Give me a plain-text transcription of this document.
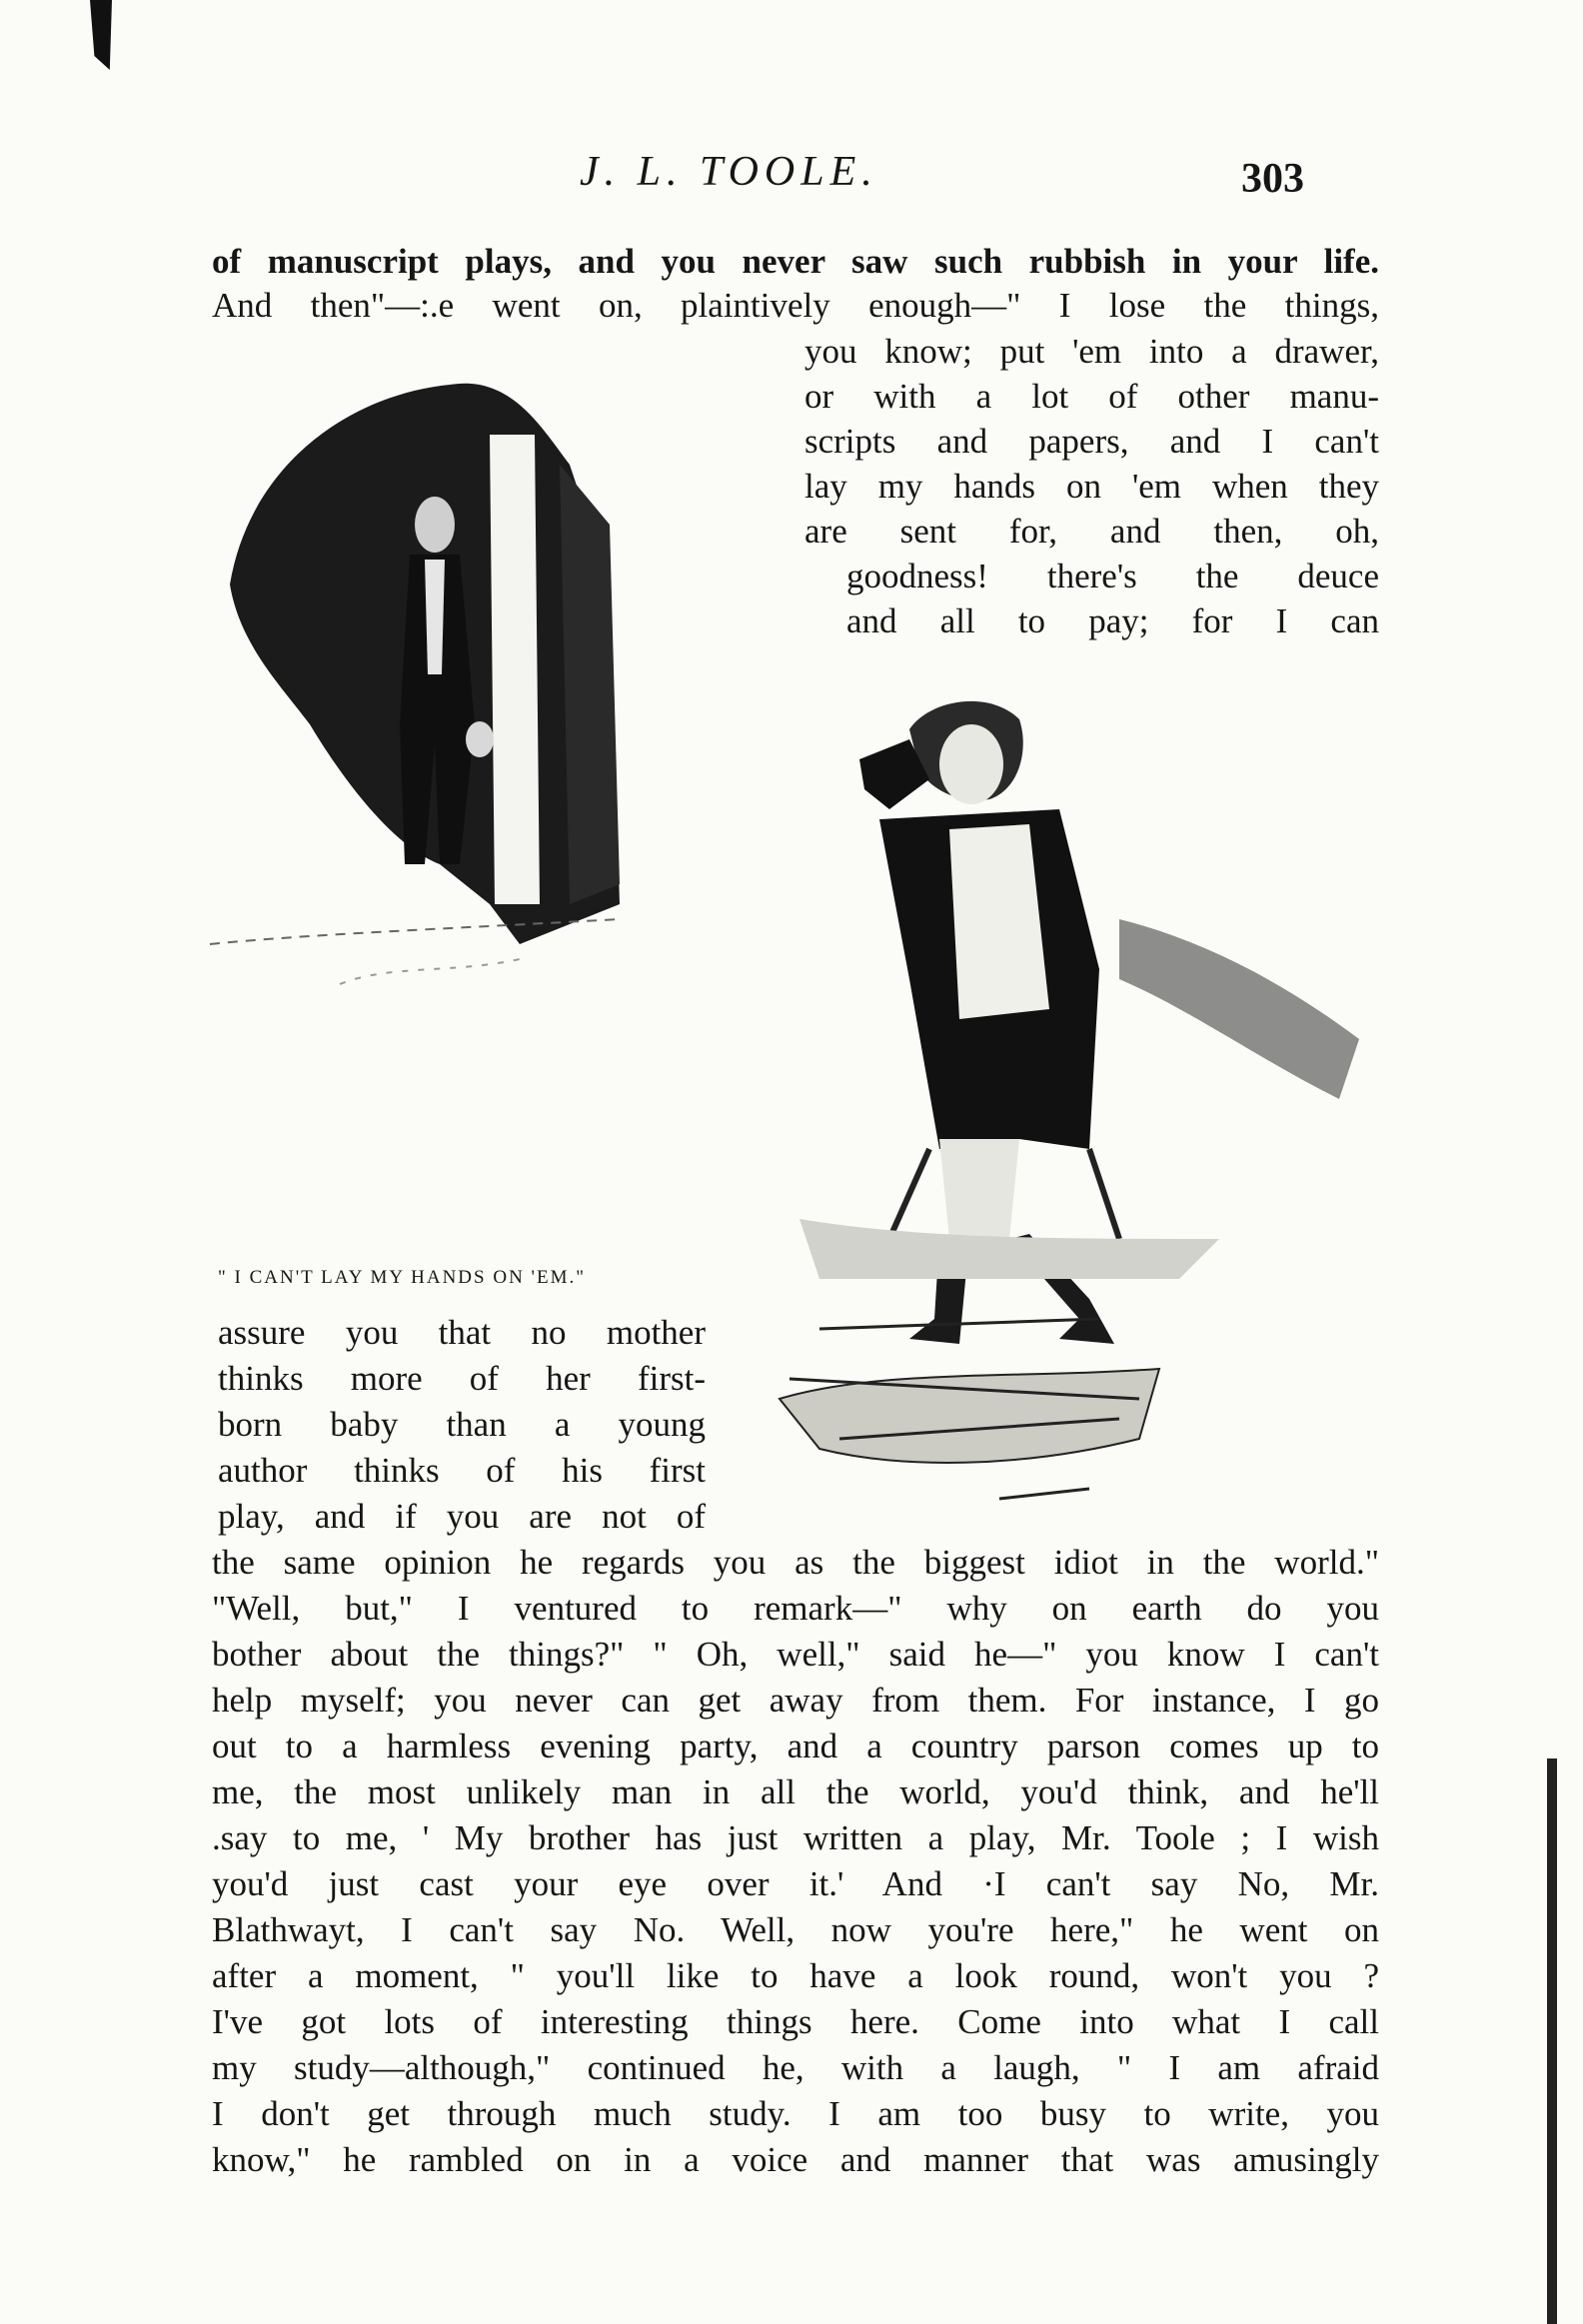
J. L. TOOLE.	303
of manuscript plays, and you never saw such rubbish in your life.
And then"—:.e went on, plaintively enough—" I lose the things,
you know; put 'em into a drawer,
or with a lot of other manu-
scripts and papers, and I can't
lay my hands on 'em when they
are sent for, and then, oh,
goodness! there's the deuce
and all to pay; for I can
" I CAN'T LAY MY HANDS ON 'EM."
assure you that no mother
thinks more of her first-
born baby than a young
author thinks of his first
play, and if you are not of
the same opinion he regards you as the biggest idiot in the world."
"Well, but," I ventured to remark—" why on earth do you
bother about the things?" " Oh, well," said he—" you know I can't
help myself; you never can get away from them. For instance, I go
out to a harmless evening party, and a country parson comes up to
me, the most unlikely man in all the world, you'd think, and he'll
.say to me, ' My brother has just written a play, Mr. Toole ; I wish
you'd just cast your eye over it.' And ·I can't say No, Mr.
Blathwayt, I can't say No. Well, now you're here," he went on
after a moment, " you'll like to have a look round, won't you ?
I've got lots of interesting things here. Come into what I call
my study—although," continued he, with a laugh, " I am afraid
I don't get through much study. I am too busy to write, you
know," he rambled on in a voice and manner that was amusingly
